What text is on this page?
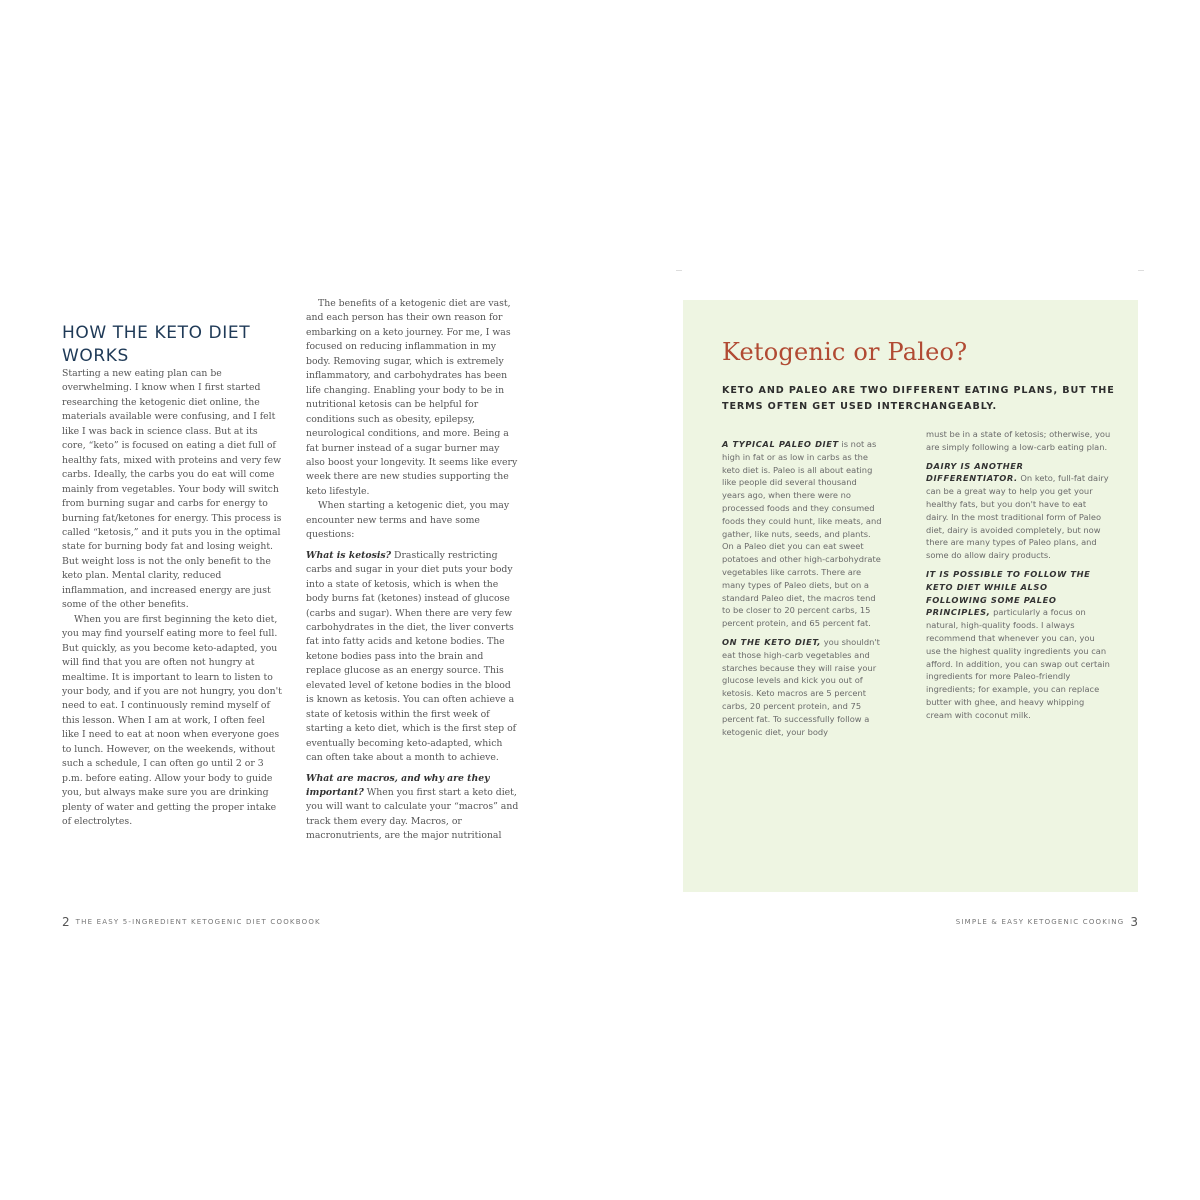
HOW THE KETO DIET WORKS

Starting a new eating plan can be overwhelming. I know when I first started researching the ketogenic diet online, the materials available were confusing, and I felt like I was back in science class. But at its core, “keto” is focused on eating a diet full of healthy fats, mixed with proteins and very few carbs. Ideally, the carbs you do eat will come mainly from vegetables. Your body will switch from burning sugar and carbs for energy to burning fat/ketones for energy. This process is called “ketosis,” and it puts you in the optimal state for burning body fat and losing weight. But weight loss is not the only benefit to the keto plan. Mental clarity, reduced inflammation, and increased energy are just some of the other benefits.

When you are first beginning the keto diet, you may find yourself eating more to feel full. But quickly, as you become keto-adapted, you will find that you are often not hungry at mealtime. It is important to learn to listen to your body, and if you are not hungry, you don't need to eat. I continuously remind myself of this lesson. When I am at work, I often feel like I need to eat at noon when everyone goes to lunch. However, on the weekends, without such a schedule, I can often go until 2 or 3 p.m. before eating. Allow your body to guide you, but always make sure you are drinking plenty of water and getting the proper intake of electrolytes.

The benefits of a ketogenic diet are vast, and each person has their own reason for embarking on a keto journey. For me, I was focused on reducing inflammation in my body. Removing sugar, which is extremely inflammatory, and carbohydrates has been life changing. Enabling your body to be in nutritional ketosis can be helpful for conditions such as obesity, epilepsy, neurological conditions, and more. Being a fat burner instead of a sugar burner may also boost your longevity. It seems like every week there are new studies supporting the keto lifestyle.

When starting a ketogenic diet, you may encounter new terms and have some questions:

What is ketosis? Drastically restricting carbs and sugar in your diet puts your body into a state of ketosis, which is when the body burns fat (ketones) instead of glucose (carbs and sugar). When there are very few carbohydrates in the diet, the liver converts fat into fatty acids and ketone bodies. The ketone bodies pass into the brain and replace glucose as an energy source. This elevated level of ketone bodies in the blood is known as ketosis. You can often achieve a state of ketosis within the first week of starting a keto diet, which is the first step of eventually becoming keto-adapted, which can often take about a month to achieve.

What are macros, and why are they important? When you first start a keto diet, you will want to calculate your “macros” and track them every day. Macros, or macronutrients, are the major nutritional

2 THE EASY 5-INGREDIENT KETOGENIC DIET COOKBOOK
Ketogenic or Paleo?

KETO AND PALEO ARE TWO DIFFERENT EATING PLANS, BUT THE TERMS OFTEN GET USED INTERCHANGEABLY.

A TYPICAL PALEO DIET is not as high in fat or as low in carbs as the keto diet is. Paleo is all about eating like people did several thousand years ago, when there were no processed foods and they consumed foods they could hunt, like meats, and gather, like nuts, seeds, and plants. On a Paleo diet you can eat sweet potatoes and other high-carbohydrate vegetables like carrots. There are many types of Paleo diets, but on a standard Paleo diet, the macros tend to be closer to 20 percent carbs, 15 percent protein, and 65 percent fat.

ON THE KETO DIET, you shouldn't eat those high-carb vegetables and starches because they will raise your glucose levels and kick you out of ketosis. Keto macros are 5 percent carbs, 20 percent protein, and 75 percent fat. To successfully follow a ketogenic diet, your body

must be in a state of ketosis; otherwise, you are simply following a low-carb eating plan.

DAIRY IS ANOTHER DIFFERENTIATOR. On keto, full-fat dairy can be a great way to help you get your healthy fats, but you don't have to eat dairy. In the most traditional form of Paleo diet, dairy is avoided completely, but now there are many types of Paleo plans, and some do allow dairy products.

IT IS POSSIBLE TO FOLLOW THE KETO DIET WHILE ALSO FOLLOWING SOME PALEO PRINCIPLES, particularly a focus on natural, high-quality foods. I always recommend that whenever you can, you use the highest quality ingredients you can afford. In addition, you can swap out certain ingredients for more Paleo-friendly ingredients; for example, you can replace butter with ghee, and heavy whipping cream with coconut milk.

SIMPLE & EASY KETOGENIC COOKING 3
